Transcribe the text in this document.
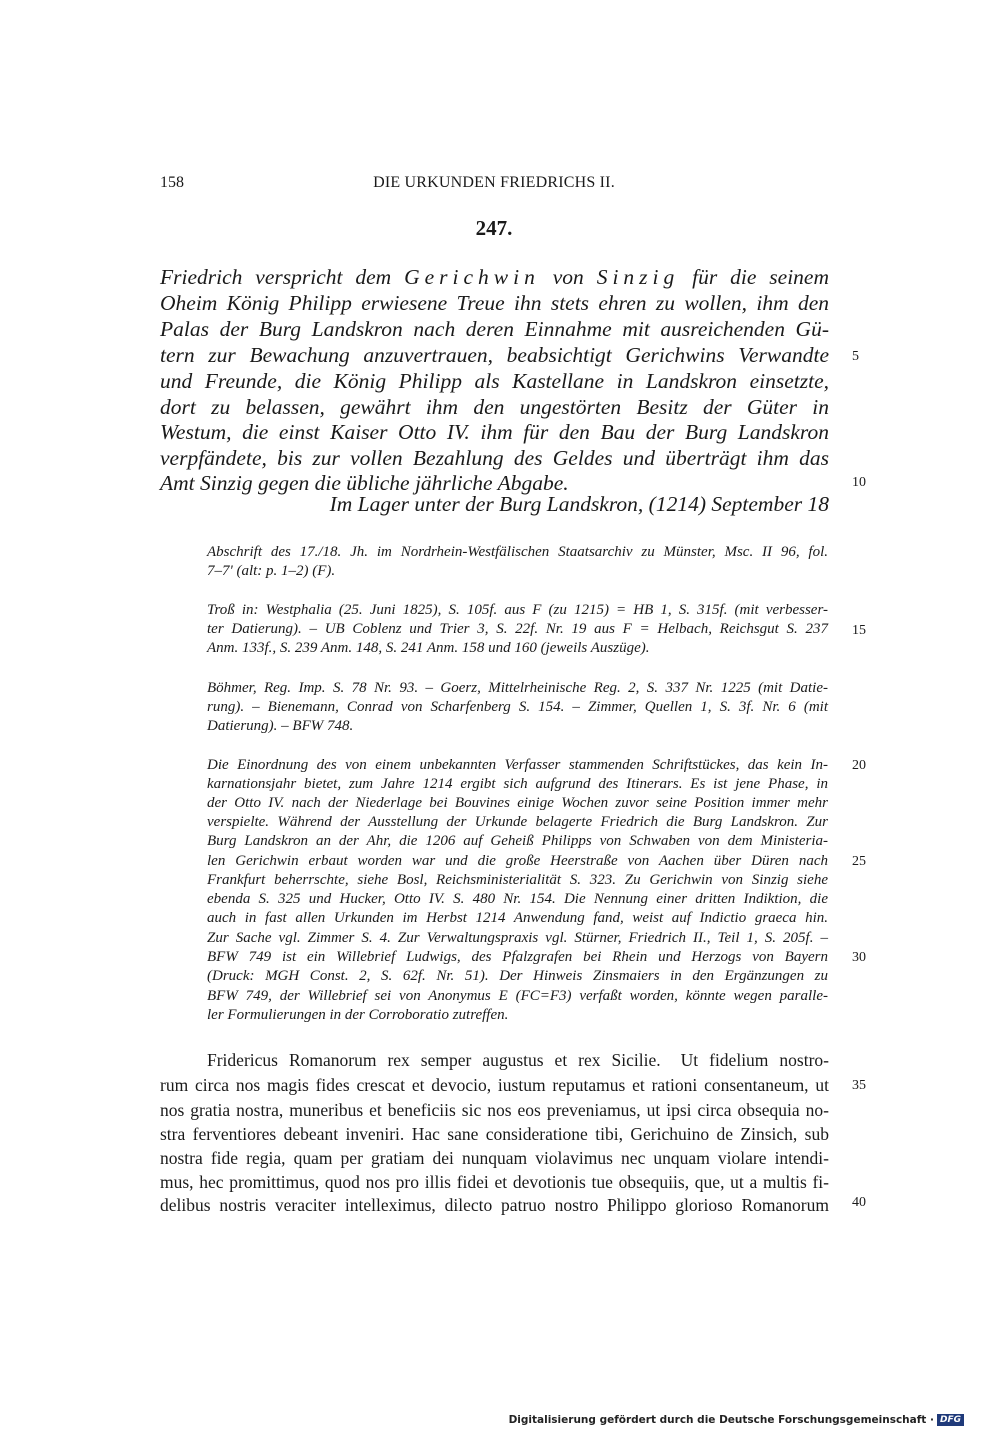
158	DIE URKUNDEN FRIEDRICHS II.
247.
Friedrich verspricht dem Gerichwin von Sinzig für die seinem
Oheim König Philipp erwiesene Treue ihn stets ehren zu wollen, ihm den
Palas der Burg Landskron nach deren Einnahme mit ausreichenden Gü-
tern zur Bewachung anzuvertrauen, beabsichtigt Gerichwins Verwandte
und Freunde, die König Philipp als Kastellane in Landskron einsetzte,
dort zu belassen, gewährt ihm den ungestörten Besitz der Güter in
Westum, die einst Kaiser Otto IV. ihm für den Bau der Burg Landskron
verpfändete, bis zur vollen Bezahlung des Geldes und überträgt ihm das
Amt Sinzig gegen die übliche jährliche Abgabe.
Im Lager unter der Burg Landskron, (1214) September 18
Abschrift des 17./18. Jh. im Nordrhein-Westfälischen Staatsarchiv zu Münster, Msc. II 96, fol.
7–7' (alt: p. 1–2) (F).
Troß in: Westphalia (25. Juni 1825), S. 105f. aus F (zu 1215) = HB 1, S. 315f. (mit verbesser-
ter Datierung). – UB Coblenz und Trier 3, S. 22f. Nr. 19 aus F = Helbach, Reichsgut S. 237
Anm. 133f., S. 239 Anm. 148, S. 241 Anm. 158 und 160 (jeweils Auszüge).
Böhmer, Reg. Imp. S. 78 Nr. 93. – Goerz, Mittelrheinische Reg. 2, S. 337 Nr. 1225 (mit Datie-
rung). – Bienemann, Conrad von Scharfenberg S. 154. – Zimmer, Quellen 1, S. 3f. Nr. 6 (mit
Datierung). – BFW 748.
Die Einordnung des von einem unbekannten Verfasser stammenden Schriftstückes, das kein In-
karnationsjahr bietet, zum Jahre 1214 ergibt sich aufgrund des Itinerars. Es ist jene Phase, in
der Otto IV. nach der Niederlage bei Bouvines einige Wochen zuvor seine Position immer mehr
verspielte. Während der Ausstellung der Urkunde belagerte Friedrich die Burg Landskron. Zur
Burg Landskron an der Ahr, die 1206 auf Geheiß Philipps von Schwaben von dem Ministeria-
len Gerichwin erbaut worden war und die große Heerstraße von Aachen über Düren nach
Frankfurt beherrschte, siehe Bosl, Reichsministerialität S. 323. Zu Gerichwin von Sinzig siehe
ebenda S. 325 und Hucker, Otto IV. S. 480 Nr. 154. Die Nennung einer dritten Indiktion, die
auch in fast allen Urkunden im Herbst 1214 Anwendung fand, weist auf Indictio graeca hin.
Zur Sache vgl. Zimmer S. 4. Zur Verwaltungspraxis vgl. Stürner, Friedrich II., Teil 1, S. 205f. –
BFW 749 ist ein Willebrief Ludwigs, des Pfalzgrafen bei Rhein und Herzogs von Bayern
(Druck: MGH Const. 2, S. 62f. Nr. 51). Der Hinweis Zinsmaiers in den Ergänzungen zu
BFW 749, der Willebrief sei von Anonymus E (FC=F3) verfaßt worden, könnte wegen paralle-
ler Formulierungen in der Corroboratio zutreffen.
Fridericus Romanorum rex semper augustus et rex Sicilie. Ut fidelium nostro-
rum circa nos magis fides crescat et devocio, iustum reputamus et rationi consentaneum, ut
nos gratia nostra, muneribus et beneficiis sic nos eos preveniamus, ut ipsi circa obsequia no-
stra ferventiores debeant inveniri. Hac sane consideratione tibi, Gerichuino de Zinsich, sub
nostra fide regia, quam per gratiam dei nunquam violavimus nec unquam violare intendi-
mus, hec promittimus, quod nos pro illis fidei et devotionis tue obsequiis, que, ut a multis fi-
delibus nostris veraciter intelleximus, dilecto patruo nostro Philippo glorioso Romanorum
5
10
15
20
25
30
35
40
Digitalisierung gefördert durch die Deutsche Forschungsgemeinschaft · DFG
